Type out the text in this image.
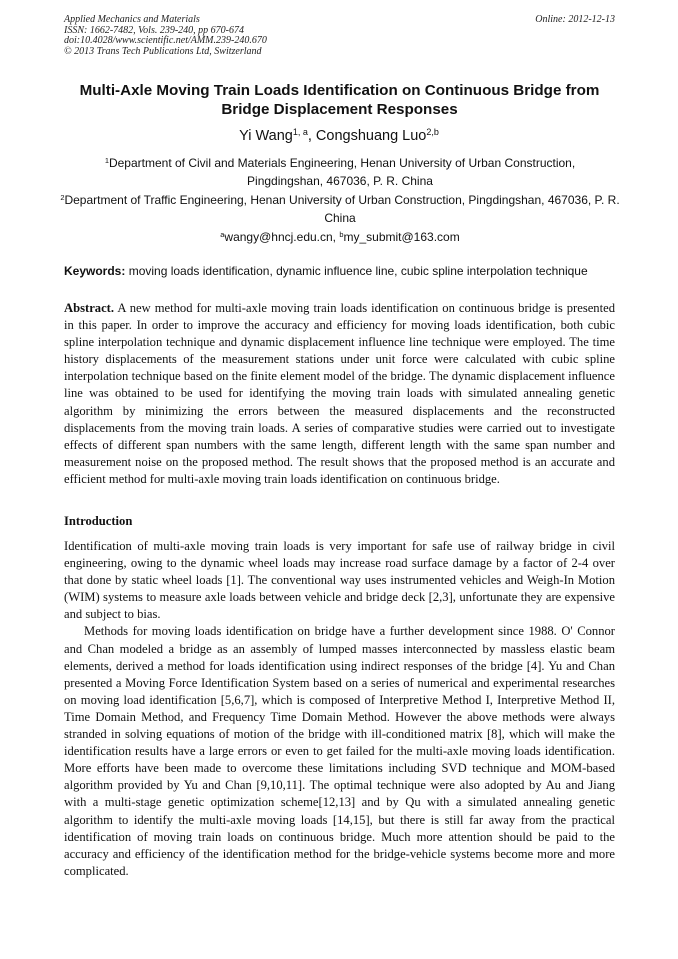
Applied Mechanics and Materials
ISSN: 1662-7482, Vols. 239-240, pp 670-674
doi:10.4028/www.scientific.net/AMM.239-240.670
© 2013 Trans Tech Publications Ltd, Switzerland
Online: 2012-12-13
Multi-Axle Moving Train Loads Identification on Continuous Bridge from Bridge Displacement Responses
Yi Wang$^{1, a}$, Congshuang Luo$^{2,b}$
$^1$Department of Civil and Materials Engineering, Henan University of Urban Construction, Pingdingshan, 467036, P. R. China
$^2$Department of Traffic Engineering, Henan University of Urban Construction, Pingdingshan, 467036, P. R. China
$^a$wangy@hncj.edu.cn, $^b$my_submit@163.com
Keywords: moving loads identification, dynamic influence line, cubic spline interpolation technique
Abstract. A new method for multi-axle moving train loads identification on continuous bridge is presented in this paper. In order to improve the accuracy and efficiency for moving loads identification, both cubic spline interpolation technique and dynamic displacement influence line technique were employed. The time history displacements of the measurement stations under unit force were calculated with cubic spline interpolation technique based on the finite element model of the bridge. The dynamic displacement influence line was obtained to be used for identifying the moving train loads with simulated annealing genetic algorithm by minimizing the errors between the measured displacements and the reconstructed displacements from the moving train loads. A series of comparative studies were carried out to investigate effects of different span numbers with the same length, different length with the same span number and measurement noise on the proposed method. The result shows that the proposed method is an accurate and efficient method for multi-axle moving train loads identification on continuous bridge.
Introduction

Identification of multi-axle moving train loads is very important for safe use of railway bridge in civil engineering, owing to the dynamic wheel loads may increase road surface damage by a factor of 2-4 over that done by static wheel loads [1]. The conventional way uses instrumented vehicles and Weigh-In Motion (WIM) systems to measure axle loads between vehicle and bridge deck [2,3], unfortunate they are expensive and subject to bias.

Methods for moving loads identification on bridge have a further development since 1988. O' Connor and Chan modeled a bridge as an assembly of lumped masses interconnected by massless elastic beam elements, derived a method for loads identification using indirect responses of the bridge [4]. Yu and Chan presented a Moving Force Identification System based on a series of numerical and experimental researches on moving load identification [5,6,7], which is composed of Interpretive Method I, Interpretive Method II, Time Domain Method, and Frequency Time Domain Method. However the above methods were always stranded in solving equations of motion of the bridge with ill-conditioned matrix [8], which will make the identification results have a large errors or even to get failed for the multi-axle moving loads identification. More efforts have been made to overcome these limitations including SVD technique and MOM-based algorithm provided by Yu and Chan [9,10,11]. The optimal technique were also adopted by Au and Jiang with a multi-stage genetic optimization scheme[12,13] and by Qu with a simulated annealing genetic algorithm to identify the multi-axle moving loads [14,15], but there is still far away from the practical identification of moving train loads on continuous bridge. Much more attention should be paid to the accuracy and efficiency of the identification method for the bridge-vehicle systems become more and more complicated.
